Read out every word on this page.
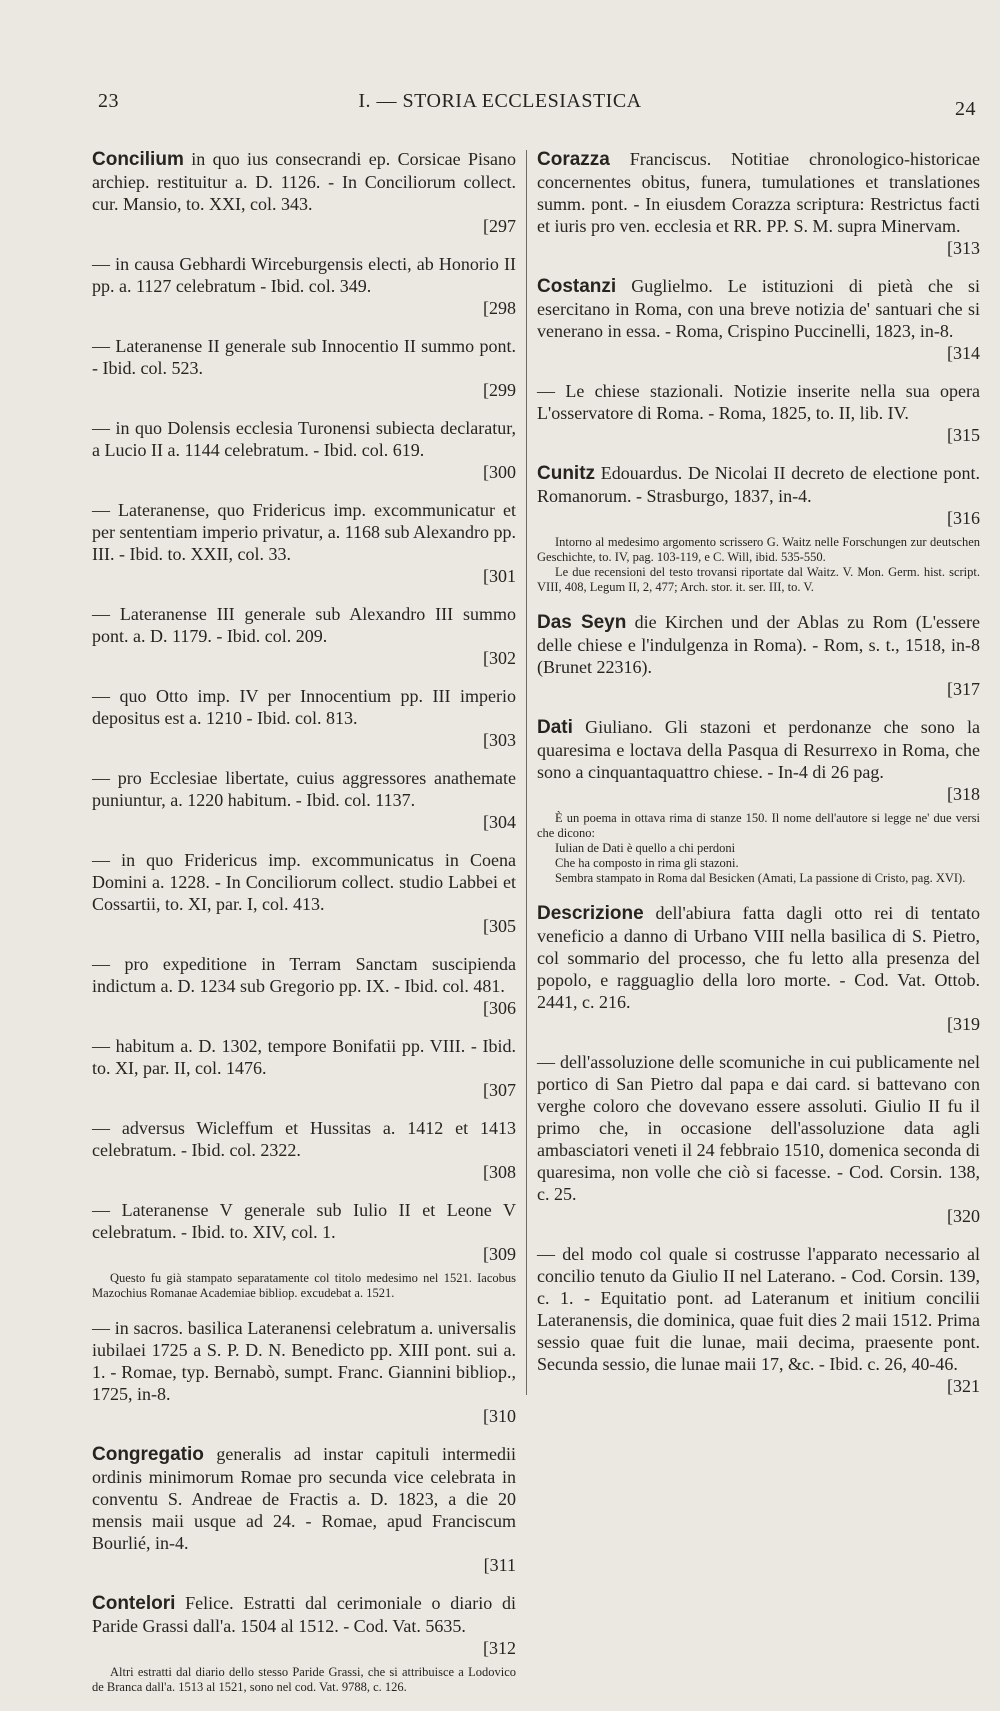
23	I. — STORIA ECCLESIASTICA	24
Concilium in quo ius consecrandi ep. Corsicae Pisano archiep. restituitur a. D. 1126. - In Conciliorum collect. cur. Mansio, to. XXI, col. 343.
[297
— in causa Gebhardi Wirceburgensis electi, ab Honorio II pp. a. 1127 celebratum - Ibid. col. 349.
[298
— Lateranense II generale sub Innocentio II summo pont. - Ibid. col. 523.
[299
— in quo Dolensis ecclesia Turonensi subiecta declaratur, a Lucio II a. 1144 celebratum. - Ibid. col. 619.
[300
— Lateranense, quo Fridericus imp. excommunicatur et per sententiam imperio privatur, a. 1168 sub Alexandro pp. III. - Ibid. to. XXII, col. 33.
[301
— Lateranense III generale sub Alexandro III summo pont. a. D. 1179. - Ibid. col. 209.
[302
— quo Otto imp. IV per Innocentium pp. III imperio depositus est a. 1210 - Ibid. col. 813.
[303
— pro Ecclesiae libertate, cuius aggressores anathemate puniuntur, a. 1220 habitum. - Ibid. col. 1137.
[304
— in quo Fridericus imp. excommunicatus in Coena Domini a. 1228. - In Conciliorum collect. studio Labbei et Cossartii, to. XI, par. I, col. 413.
[305
— pro expeditione in Terram Sanctam suscipienda indictum a. D. 1234 sub Gregorio pp. IX. - Ibid. col. 481.
[306
— habitum a. D. 1302, tempore Bonifatii pp. VIII. - Ibid. to. XI, par. II, col. 1476.
[307
— adversus Wicleffum et Hussitas a. 1412 et 1413 celebratum. - Ibid. col. 2322.
[308
— Lateranense V generale sub Iulio II et Leone V celebratum. - Ibid. to. XIV, col. 1.
[309

Questo fu già stampato separatamente col titolo medesimo nel 1521. Iacobus Mazochius Romanae Academiae bibliop. excudebat a. 1521.

— in sacros. basilica Lateranensi celebratum a. universalis iubilaei 1725 a S. P. D. N. Benedicto pp. XIII pont. sui a. 1. - Romae, typ. Bernabò, sumpt. Franc. Giannini bibliop., 1725, in-8.
[310
Congregatio generalis ad instar capituli intermedii ordinis minimorum Romae pro secunda vice celebrata in conventu S. Andreae de Fractis a. D. 1823, a die 20 mensis maii usque ad 24. - Romae, apud Franciscum Bourlié, in-4.
[311
Contelori Felice. Estratti dal cerimoniale o diario di Paride Grassi dall'a. 1504 al 1512. - Cod. Vat. 5635.
[312

Altri estratti dal diario dello stesso Paride Grassi, che si attribuisce a Lodovico de Branca dall'a. 1513 al 1521, sono nel cod. Vat. 9788, c. 126.

Corazza Franciscus. Notitiae chronologico-historicae concernentes obitus, funera, tumulationes et translationes summ. pont. - In eiusdem Corazza scriptura: Restrictus facti et iuris pro ven. ecclesia et RR. PP. S. M. supra Minervam.
[313
Costanzi Guglielmo. Le istituzioni di pietà che si esercitano in Roma, con una breve notizia de' santuari che si venerano in essa. - Roma, Crispino Puccinelli, 1823, in-8.
[314
— Le chiese stazionali. Notizie inserite nella sua opera L'osservatore di Roma. - Roma, 1825, to. II, lib. IV.
[315
Cunitz Edouardus. De Nicolai II decreto de electione pont. Romanorum. - Strasburgo, 1837, in-4.
[316

Intorno al medesimo argomento scrissero G. Waitz nelle Forschungen zur deutschen Geschichte, to. IV, pag. 103-119, e C. Will, ibid. 535-550.

Le due recensioni del testo trovansi riportate dal Waitz. V. Mon. Germ. hist. script. VIII, 408, Legum II, 2, 477; Arch. stor. it. ser. III, to. V.

Das Seyn die Kirchen und der Ablas zu Rom (L'essere delle chiese e l'indulgenza in Roma). - Rom, s. t., 1518, in-8 (Brunet 22316).
[317
Dati Giuliano. Gli stazoni et perdonanze che sono la quaresima e loctava della Pasqua di Resurrexo in Roma, che sono a cinquantaquattro chiese. - In-4 di 26 pag.
[318

È un poema in ottava rima di stanze 150. Il nome dell'autore si legge ne' due versi che dicono:

Iulian de Dati è quello a chi perdoni

Che ha composto in rima gli stazoni.

Sembra stampato in Roma dal Besicken (Amati, La passione di Cristo, pag. XVI).

Descrizione dell'abiura fatta dagli otto rei di tentato veneficio a danno di Urbano VIII nella basilica di S. Pietro, col sommario del processo, che fu letto alla presenza del popolo, e ragguaglio della loro morte. - Cod. Vat. Ottob. 2441, c. 216.
[319
— dell'assoluzione delle scomuniche in cui publicamente nel portico di San Pietro dal papa e dai card. si battevano con verghe coloro che dovevano essere assoluti. Giulio II fu il primo che, in occasione dell'assoluzione data agli ambasciatori veneti il 24 febbraio 1510, domenica seconda di quaresima, non volle che ciò si facesse. - Cod. Corsin. 138, c. 25.
[320
— del modo col quale si costrusse l'apparato necessario al concilio tenuto da Giulio II nel Laterano. - Cod. Corsin. 139, c. 1. - Equitatio pont. ad Lateranum et initium concilii Lateranensis, die dominica, quae fuit dies 2 maii 1512. Prima sessio quae fuit die lunae, maii decima, praesente pont. Secunda sessio, die lunae maii 17, &c. - Ibid. c. 26, 40-46.
[321
